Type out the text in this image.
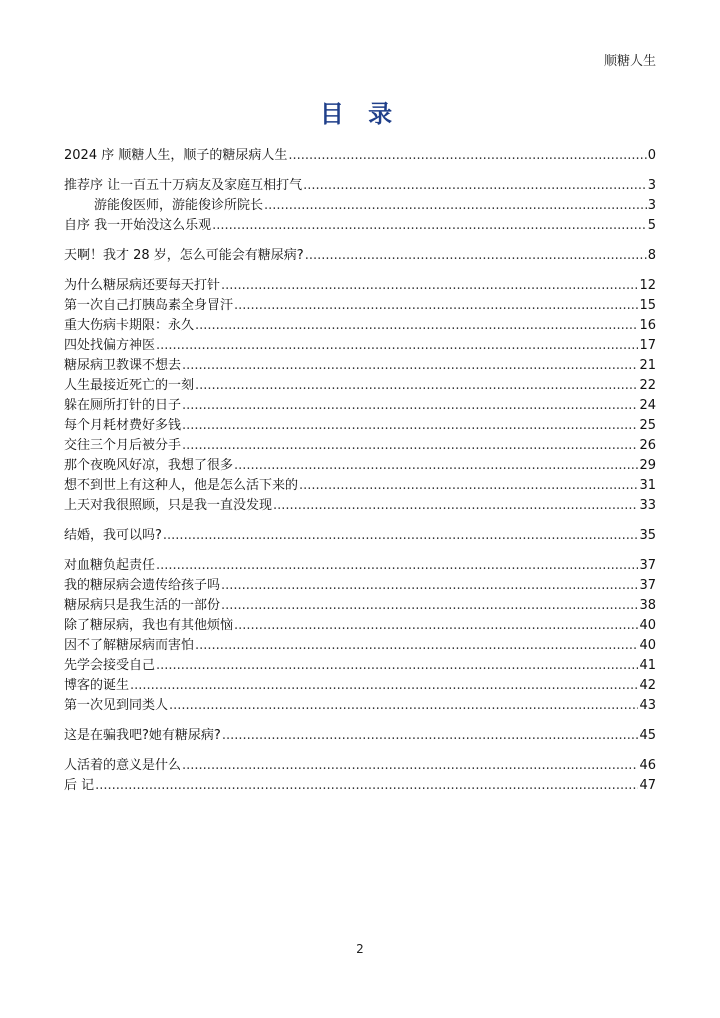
顺糖人生
目 录
2024 序 顺糖人生，顺子的糖尿病人生 .....	0
推荐序 让一百五十万病友及家庭互相打气 .....	3
游能俊医师，游能俊诊所院长 .....	3
自序 我一开始没这么乐观 .....	5
天啊！我才 28 岁，怎么可能会有糖尿病? .....	8
为什么糖尿病还要每天打针 .....	12
第一次自己打胰岛素全身冒汗 .....	15
重大伤病卡期限：永久 .....	16
四处找偏方神医 .....	17
糖尿病卫教课不想去 .....	21
人生最接近死亡的一刻 .....	22
躲在厕所打针的日子 .....	24
每个月耗材费好多钱 .....	25
交往三个月后被分手 .....	26
那个夜晚风好凉，我想了很多 .....	29
想不到世上有这种人，他是怎么活下来的 .....	31
上天对我很照顾，只是我一直没发现 .....	33
结婚，我可以吗? .....	35
对血糖负起责任 .....	37
我的糖尿病会遗传给孩子吗 .....	37
糖尿病只是我生活的一部份 .....	38
除了糖尿病，我也有其他烦恼 .....	40
因不了解糖尿病而害怕 .....	40
先学会接受自己 .....	41
博客的诞生 .....	42
第一次见到同类人 .....	43
这是在骗我吧?她有糖尿病? .....	45
人活着的意义是什么 .....	46
后 记 .....	47
2
